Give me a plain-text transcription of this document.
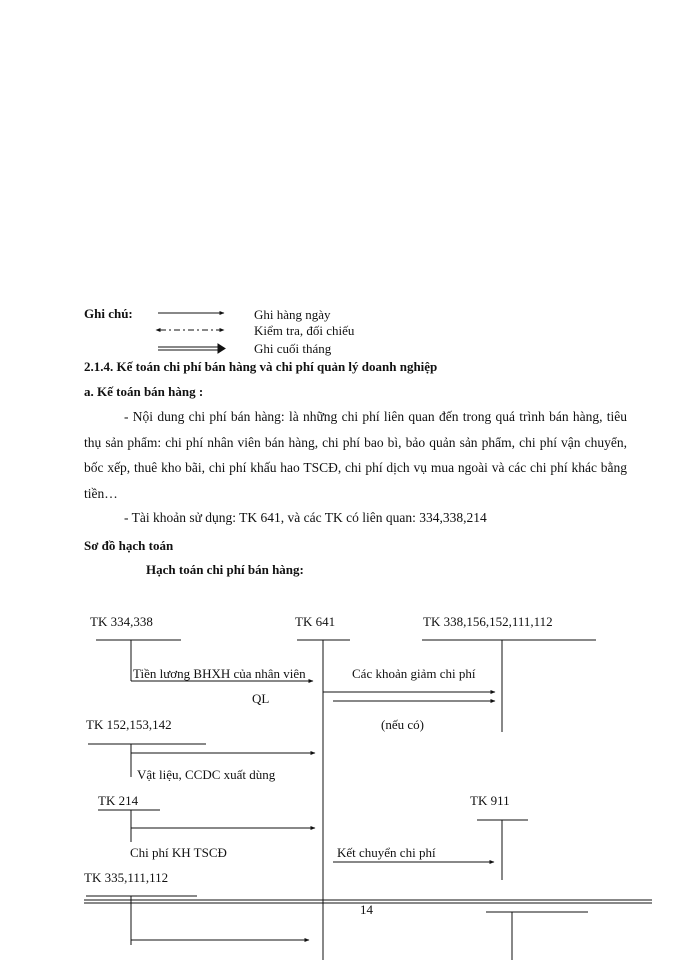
Ghi chú:	Ghi hàng ngày
Kiểm tra, đối chiếu
Ghi cuối tháng
2.1.4. Kế toán chi phí bán hàng và chi phí quản lý doanh nghiệp
a. Kế toán bán hàng :
- Nội dung chi phí bán hàng: là những chi phí liên quan đến trong quá trình bán hàng, tiêu thụ sản phẩm: chi phí nhân viên bán hàng, chi phí bao bì, bảo quản sản phẩm, chi phí vận chuyển, bốc xếp, thuê kho bãi, chi phí khấu hao TSCĐ, chi phí dịch vụ mua ngoài và các chi phí khác bằng tiền…
- Tài khoản sử dụng: TK 641, và các TK có liên quan: 334,338,214
Sơ đồ hạch toán
Hạch toán chi phí bán hàng:
TK 334,338	TK 641	TK 338,156,152,111,112
TK 152,153,142
TK 214	TK 911
TK 335,111,112
Tiền lương BHXH của nhân viên
QL
Các khoản giảm chi phí
(nếu có)
Vật liệu, CCDC xuất dùng
Chi phí KH TSCĐ	Kết chuyển chi phí
14
